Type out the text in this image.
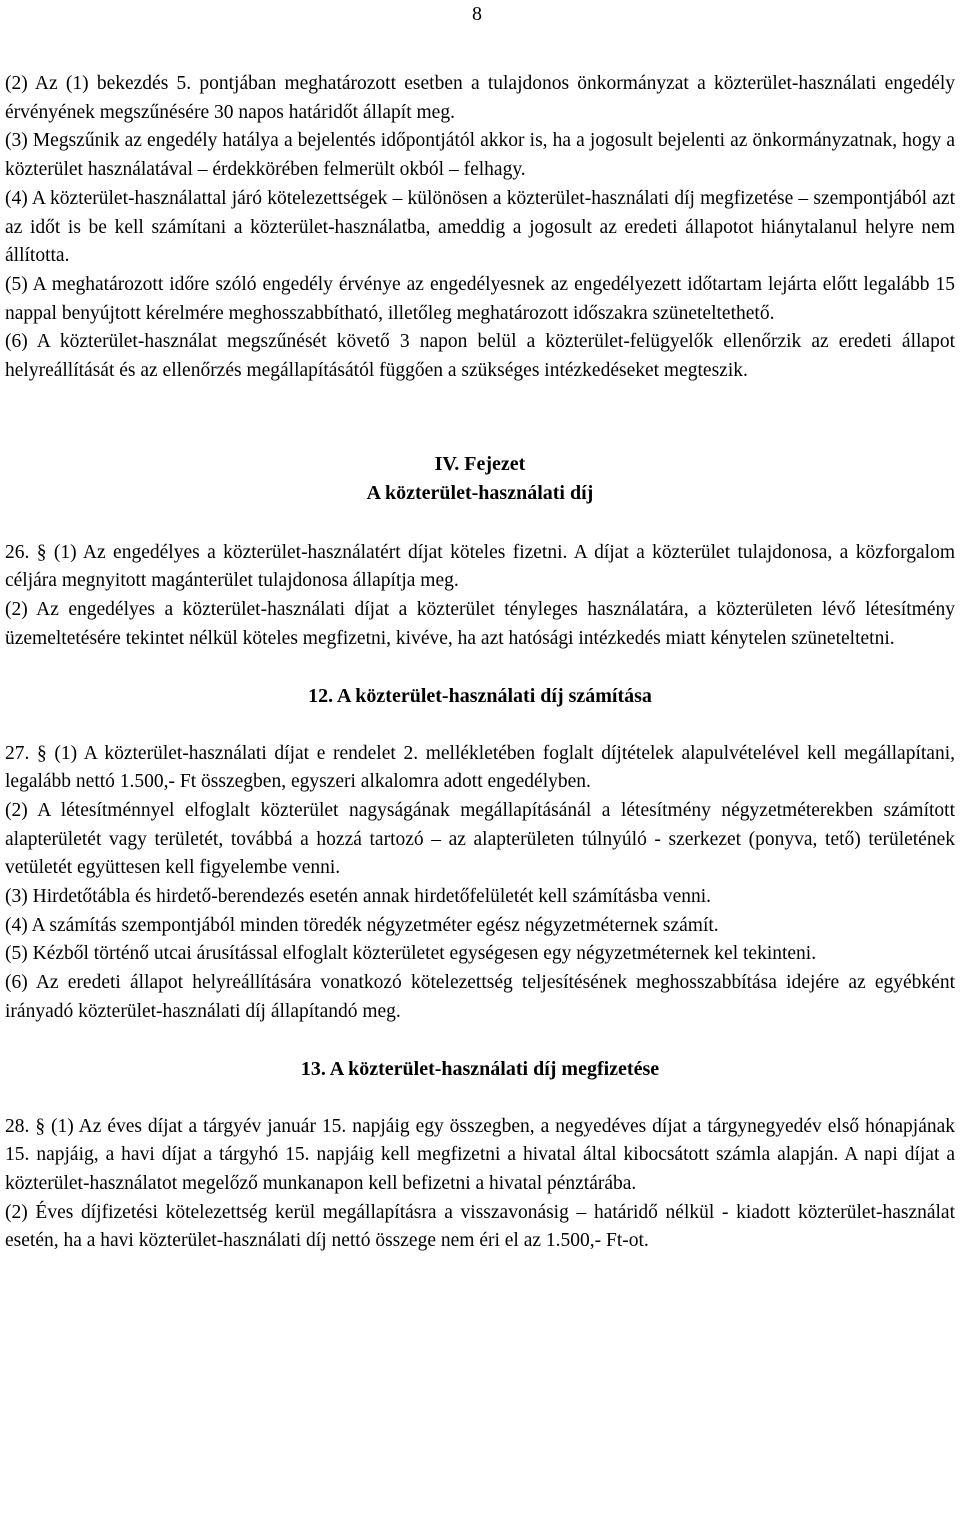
8

(2) Az (1) bekezdés 5. pontjában meghatározott esetben a tulajdonos önkormányzat a közterület-használati engedély érvényének megszűnésére 30 napos határidőt állapít meg.

(3) Megszűnik az engedély hatálya a bejelentés időpontjától akkor is, ha a jogosult bejelenti az önkormányzatnak, hogy a közterület használatával – érdekkörében felmerült okból – felhagy.

(4) A közterület-használattal járó kötelezettségek – különösen a közterület-használati díj megfizetése – szempontjából azt az időt is be kell számítani a közterület-használatba, ameddig a jogosult az eredeti állapotot hiánytalanul helyre nem állította.

(5) A meghatározott időre szóló engedély érvénye az engedélyesnek az engedélyezett időtartam lejárta előtt legalább 15 nappal benyújtott kérelmére meghosszabbítható, illetőleg meghatározott időszakra szüneteltethető.

(6) A közterület-használat megszűnését követő 3 napon belül a közterület-felügyelők ellenőrzik az eredeti állapot helyreállítását és az ellenőrzés megállapításától függően a szükséges intézkedéseket megteszik.

IV. Fejezet

A közterület-használati díj

26. § (1) Az engedélyes a közterület-használatért díjat köteles fizetni. A díjat a közterület tulajdonosa, a közforgalom céljára megnyitott magánterület tulajdonosa állapítja meg.

(2) Az engedélyes a közterület-használati díjat a közterület tényleges használatára, a közterületen lévő létesítmény üzemeltetésére tekintet nélkül köteles megfizetni, kivéve, ha azt hatósági intézkedés miatt kénytelen szüneteltetni.

12. A közterület-használati díj számítása

27. § (1) A közterület-használati díjat e rendelet 2. mellékletében foglalt díjtételek alapulvételével kell megállapítani, legalább nettó 1.500,- Ft összegben, egyszeri alkalomra adott engedélyben.

(2) A létesítménnyel elfoglalt közterület nagyságának megállapításánál a létesítmény négyzetméterekben számított alapterületét vagy területét, továbbá a hozzá tartozó – az alapterületen túlnyúló - szerkezet (ponyva, tető) területének vetületét együttesen kell figyelembe venni.

(3) Hirdetőtábla és hirdető-berendezés esetén annak hirdetőfelületét kell számításba venni.

(4) A számítás szempontjából minden töredék négyzetméter egész négyzetméternek számít.

(5) Kézből történő utcai árusítással elfoglalt közterületet egységesen egy négyzetméternek kel tekinteni.

(6) Az eredeti állapot helyreállítására vonatkozó kötelezettség teljesítésének meghosszabbítása idejére az egyébként irányadó közterület-használati díj állapítandó meg.

13. A közterület-használati díj megfizetése

28. § (1) Az éves díjat a tárgyév január 15. napjáig egy összegben, a negyedéves díjat a tárgynegyedév első hónapjának 15. napjáig, a havi díjat a tárgyhó 15. napjáig kell megfizetni a hivatal által kibocsátott számla alapján. A napi díjat a közterület-használatot megelőző munkanapon kell befizetni a hivatal pénztárába.

(2) Éves díjfizetési kötelezettség kerül megállapításra a visszavonásig – határidő nélkül - kiadott közterület-használat esetén, ha a havi közterület-használati díj nettó összege nem éri el az 1.500,- Ft-ot.
